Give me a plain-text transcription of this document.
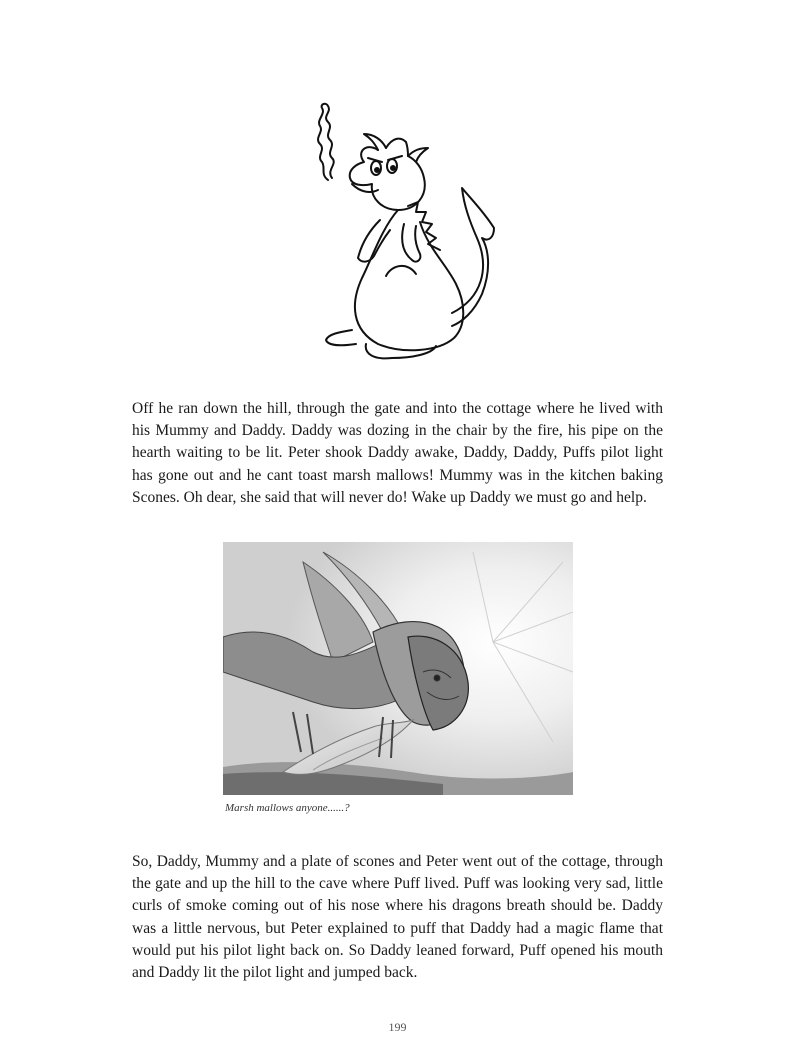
Off he ran down the hill, through the gate and into the cottage where he lived with his Mummy and Daddy. Daddy was dozing in the chair by the fire, his pipe on the hearth waiting to be lit. Peter shook Daddy awake, Daddy, Daddy, Puffs pilot light has gone out and he cant toast marsh mallows! Mummy was in the kitchen baking Scones. Oh dear, she said that will never do! Wake up Daddy we must go and help.

Marsh mallows anyone......?

So, Daddy, Mummy and a plate of scones and Peter went out of the cottage, through the gate and up the hill to the cave where Puff lived. Puff was looking very sad, little curls of smoke coming out of his nose where his dragons breath should be. Daddy was a little nervous, but Peter explained to puff that Daddy had a magic flame that would put his pilot light back on. So Daddy leaned forward, Puff opened his mouth and Daddy lit the pilot light and jumped back.

199
